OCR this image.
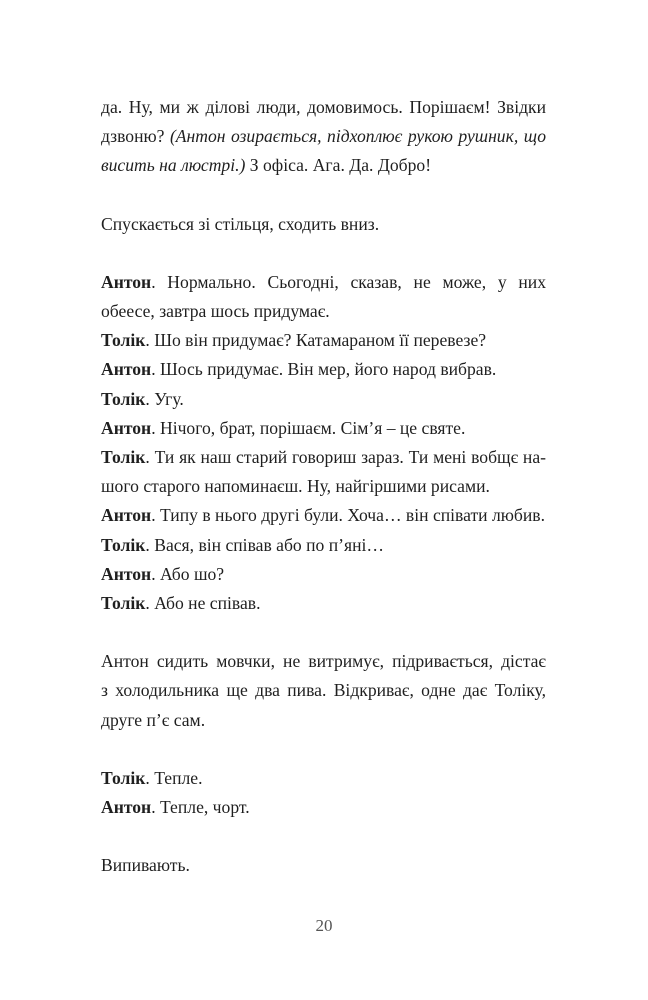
да. Ну, ми ж ділові люди, домовимось. Порішаєм! Звідки
дзвоню? (Антон озирається, підхоплює рукою рушник, що
висить на люстрі.) З офіса. Ага. Да. Добро!

Спускається зі стільця, сходить вниз.

Антон. Нормально. Сьогодні, сказав, не може, у них
обеесе, завтра шось придумає.

Толік. Шо він придумає? Катамараном її перевезе?

Антон. Шось придумає. Він мер, його народ вибрав.

Толік. Угу.

Антон. Нічого, брат, порішаєм. Сім’я – це святе.

Толік. Ти як наш старий говориш зараз. Ти мені вобщє на-
шого старого напоминаєш. Ну, найгіршими рисами.

Антон. Типу в нього другі були. Хоча… він співати любив.

Толік. Вася, він співав або по п’яні…

Антон. Або шо?

Толік. Або не співав.

Антон сидить мовчки, не витримує, підривається, дістає
з холодильника ще два пива. Відкриває, одне дає Толіку,
друге п’є сам.

Толік. Тепле.

Антон. Тепле, чорт.

Випивають.

20
